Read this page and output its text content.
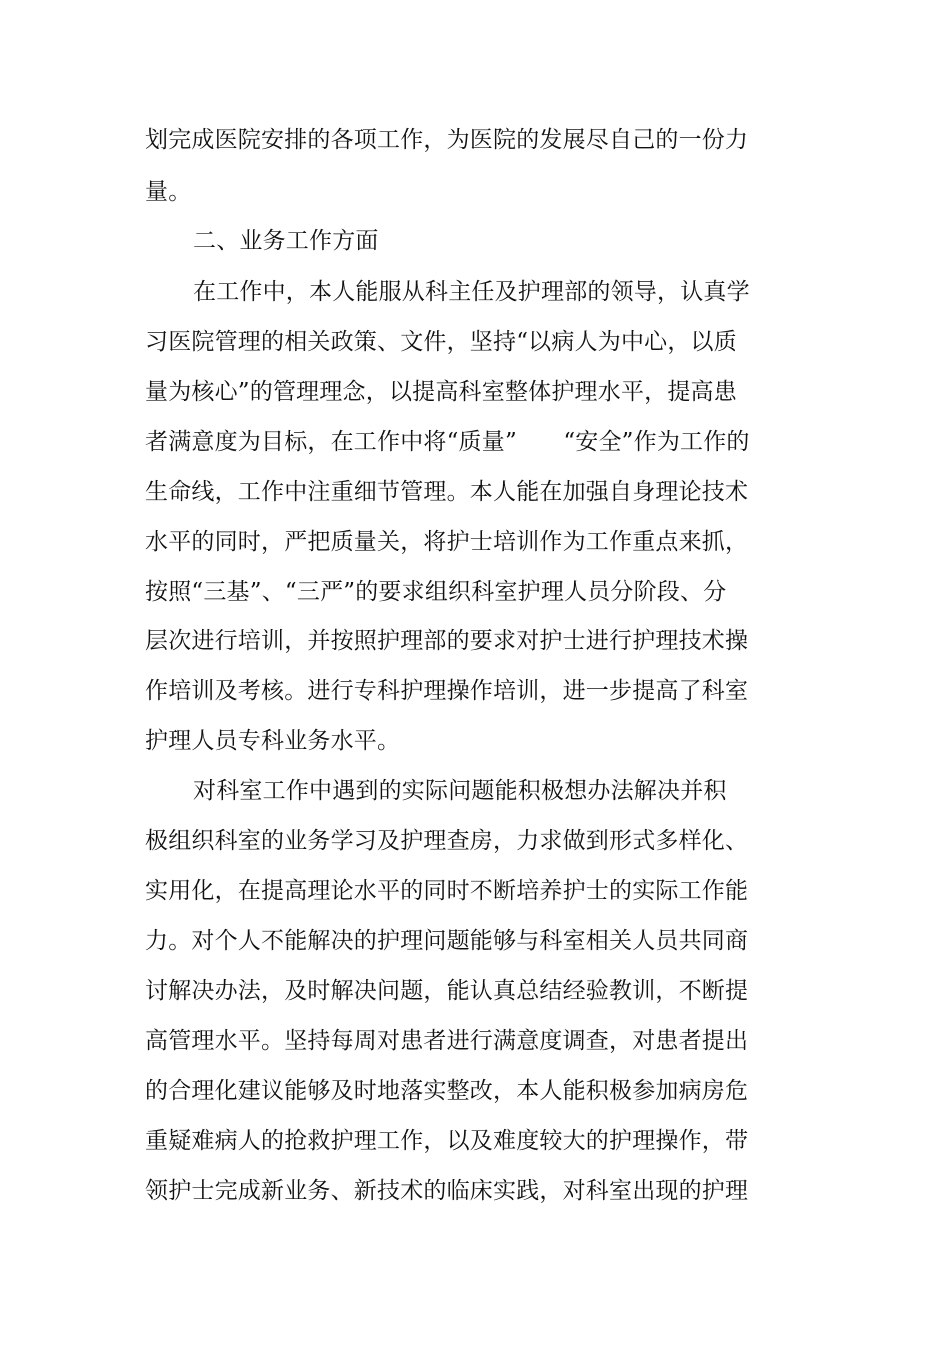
划完成医院安排的各项工作，为医院的发展尽自己的一份力
量。
二、业务工作方面
在工作中，本人能服从科主任及护理部的领导，认真学
习医院管理的相关政策、文件，坚持“以病人为中心，以质
量为核心”的管理理念，以提高科室整体护理水平，提高患
者满意度为目标，在工作中将“质量”　　“安全”作为工作的
生命线，工作中注重细节管理。本人能在加强自身理论技术
水平的同时，严把质量关，将护士培训作为工作重点来抓，
按照“三基”、“三严”的要求组织科室护理人员分阶段、分
层次进行培训，并按照护理部的要求对护士进行护理技术操
作培训及考核。进行专科护理操作培训，进一步提高了科室
护理人员专科业务水平。
对科室工作中遇到的实际问题能积极想办法解决并积
极组织科室的业务学习及护理查房，力求做到形式多样化、
实用化，在提高理论水平的同时不断培养护士的实际工作能
力。对个人不能解决的护理问题能够与科室相关人员共同商
讨解决办法，及时解决问题，能认真总结经验教训，不断提
高管理水平。坚持每周对患者进行满意度调查，对患者提出
的合理化建议能够及时地落实整改，本人能积极参加病房危
重疑难病人的抢救护理工作，以及难度较大的护理操作，带
领护士完成新业务、新技术的临床实践，对科室出现的护理
